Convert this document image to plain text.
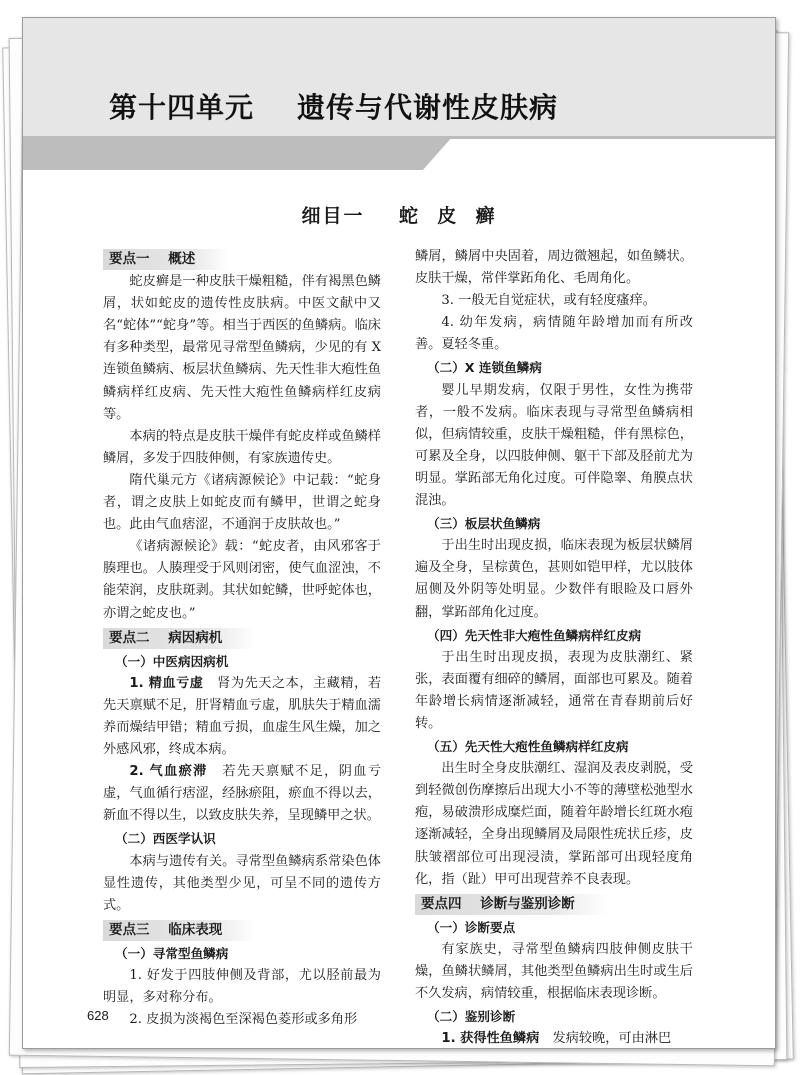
第十四单元    遗传与代谢性皮肤病
细目一    蛇  皮  癣
要点一    概述

蛇皮癣是一种皮肤干燥粗糙，伴有褐黑色鳞屑，状如蛇皮的遗传性皮肤病。中医文献中又名“蛇体”“蛇身”等。相当于西医的鱼鳞病。临床有多种类型，最常见寻常型鱼鳞病，少见的有 X 连锁鱼鳞病、板层状鱼鳞病、先天性非大疱性鱼鳞病样红皮病、先天性大疱性鱼鳞病样红皮病等。

本病的特点是皮肤干燥伴有蛇皮样或鱼鳞样鳞屑，多发于四肢伸侧，有家族遗传史。

隋代巢元方《诸病源候论》中记载：“蛇身者，谓之皮肤上如蛇皮而有鳞甲，世谓之蛇身也。此由气血痞涩，不通润于皮肤故也。”

《诸病源候论》载：“蛇皮者，由风邪客于腠理也。人腠理受于风则闭密，使气血涩浊，不能荣润，皮肤斑剥。其状如蛇鳞，世呼蛇体也，亦谓之蛇皮也。”

要点二    病因病机
（一）中医病因病机

1. 精血亏虚　 肾为先天之本，主藏精，若先天禀赋不足，肝肾精血亏虚，肌肤失于精血濡养而燥结甲错；精血亏损，血虚生风生燥，加之外感风邪，终成本病。

2. 气血瘀滞　 若先天禀赋不足，阴血亏虚，气血循行痞涩，经脉瘀阻，瘀血不得以去，新血不得以生，以致皮肤失养，呈现鳞甲之状。

（二）西医学认识

本病与遗传有关。寻常型鱼鳞病系常染色体显性遗传，其他类型少见，可呈不同的遗传方式。

要点三    临床表现
（一）寻常型鱼鳞病

1. 好发于四肢伸侧及背部，尤以胫前最为明显，多对称分布。

2. 皮损为淡褐色至深褐色菱形或多角形

鳞屑，鳞屑中央固着，周边微翘起，如鱼鳞状。皮肤干燥，常伴掌跖角化、毛周角化。

3. 一般无自觉症状，或有轻度瘙痒。

4. 幼年发病，病情随年龄增加而有所改善。夏轻冬重。

（二）X 连锁鱼鳞病

婴儿早期发病，仅限于男性，女性为携带者，一般不发病。临床表现与寻常型鱼鳞病相似，但病情较重，皮肤干燥粗糙，伴有黑棕色，可累及全身，以四肢伸侧、躯干下部及胫前尤为明显。掌跖部无角化过度。可伴隐睾、角膜点状混浊。

（三）板层状鱼鳞病

于出生时出现皮损，临床表现为板层状鳞屑遍及全身，呈棕黄色，甚则如铠甲样，尤以肢体屈侧及外阴等处明显。少数伴有眼睑及口唇外翻，掌跖部角化过度。

（四）先天性非大疱性鱼鳞病样红皮病

于出生时出现皮损，表现为皮肤潮红、紧张，表面覆有细碎的鳞屑，面部也可累及。随着年龄增长病情逐渐减轻，通常在青春期前后好转。

（五）先天性大疱性鱼鳞病样红皮病

出生时全身皮肤潮红、湿润及表皮剥脱，受到轻微创伤摩擦后出现大小不等的薄壁松弛型水疱，易破溃形成糜烂面，随着年龄增长红斑水疱逐渐减轻，全身出现鳞屑及局限性疣状丘疹，皮肤皱褶部位可出现浸渍，掌跖部可出现轻度角化，指（趾）甲可出现营养不良表现。

要点四    诊断与鉴别诊断
（一）诊断要点

有家族史，寻常型鱼鳞病四肢伸侧皮肤干燥，鱼鳞状鳞屑，其他类型鱼鳞病出生时或生后不久发病，病情较重，根据临床表现诊断。

（二）鉴别诊断

1. 获得性鱼鳞病　 发病较晚，可由淋巴

628
